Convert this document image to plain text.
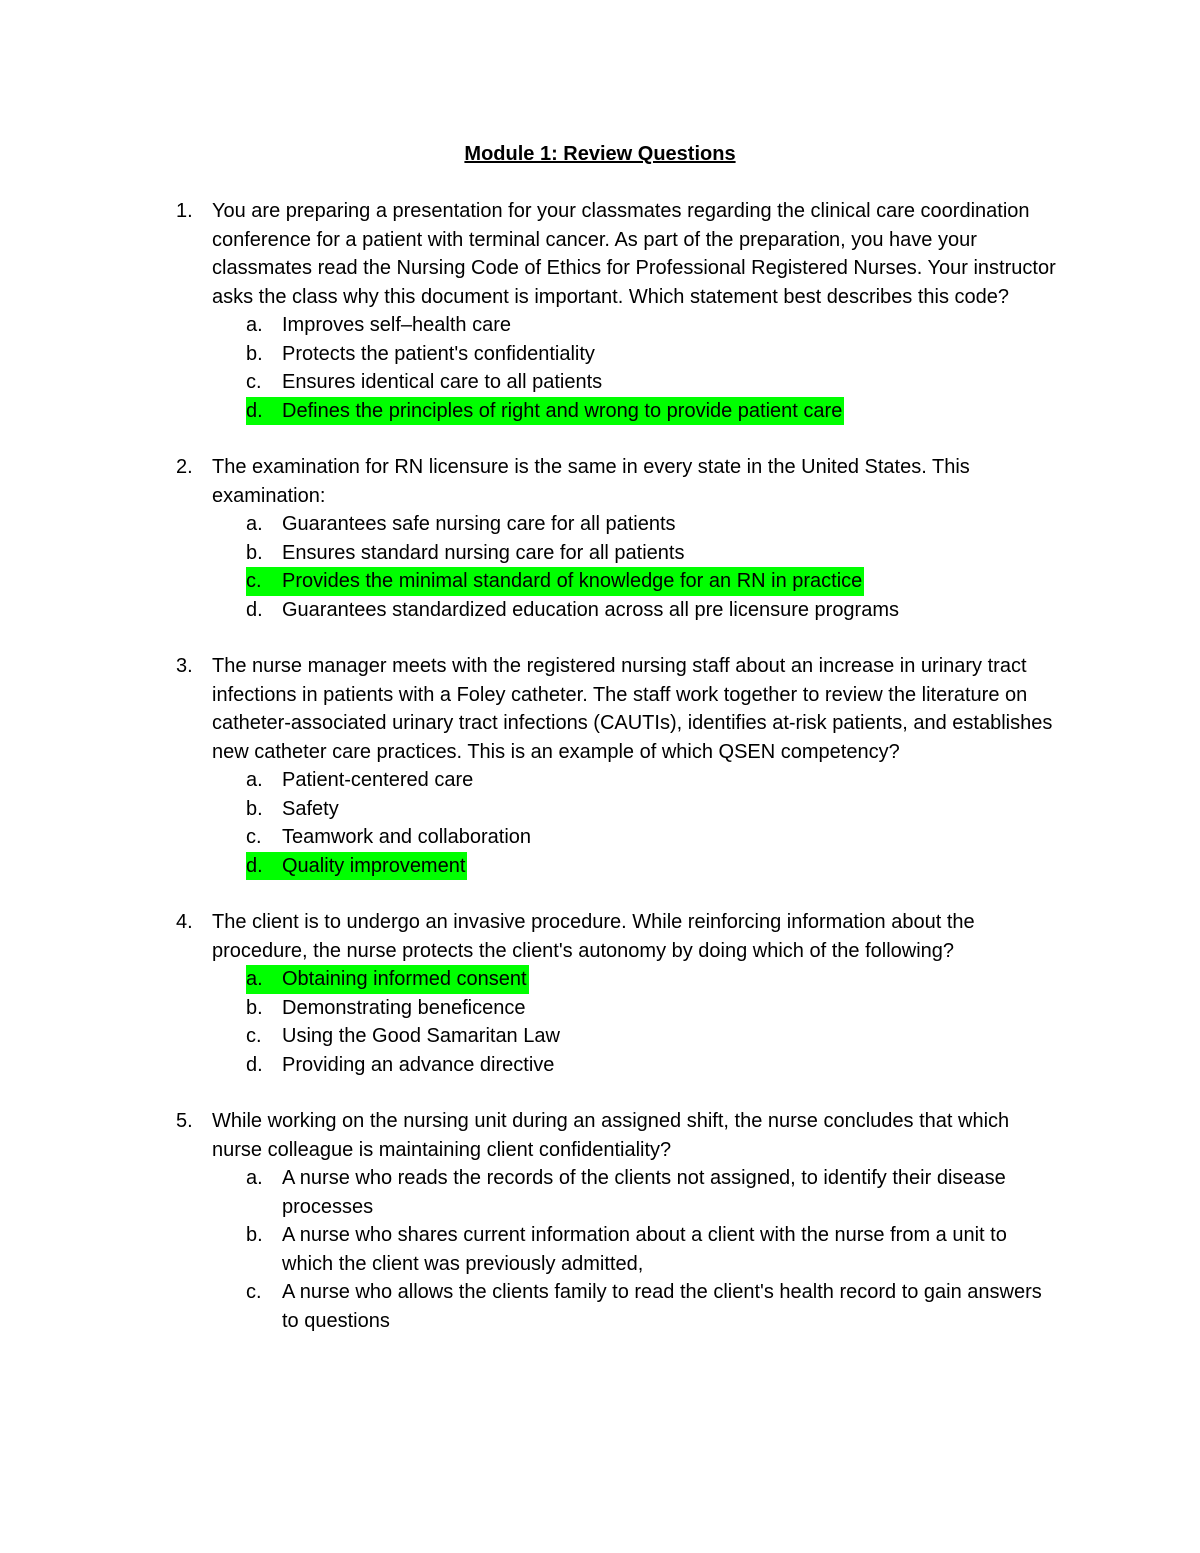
Module 1: Review Questions
1. You are preparing a presentation for your classmates regarding the clinical care coordination conference for a patient with terminal cancer. As part of the preparation, you have your classmates read the Nursing Code of Ethics for Professional Registered Nurses. Your instructor asks the class why this document is important. Which statement best describes this code?
a. Improves self–health care
b. Protects the patient's confidentiality
c.	Ensures identical care to all patients
d. Defines the principles of right and wrong to provide patient care
2. The examination for RN licensure is the same in every state in the United States. This examination:
a. Guarantees safe nursing care for all patients
b. Ensures standard nursing care for all patients
c. Provides the minimal standard of knowledge for an RN in practice
d. Guarantees standardized education across all pre licensure programs
3. The nurse manager meets with the registered nursing staff about an increase in urinary tract infections in patients with a Foley catheter. The staff work together to review the literature on catheter-associated urinary tract infections (CAUTIs), identifies at-risk patients, and establishes new catheter care practices. This is an example of which QSEN competency?
a. Patient-centered care
b. Safety
c.	Teamwork and collaboration
d. Quality improvement
4. The client is to undergo an invasive procedure. While reinforcing information about the procedure, the nurse protects the client's autonomy by doing which of the following?
a. Obtaining informed consent
b. Demonstrating beneficence
c.	Using the Good Samaritan Law
d. Providing an advance directive
5. While working on the nursing unit during an assigned shift, the nurse concludes that which nurse colleague is maintaining client confidentiality?
a. A nurse who reads the records of the clients not assigned, to identify their disease processes
b. A nurse who shares current information about a client with the nurse from a unit to which the client was previously admitted,
c.	A nurse who allows the clients family to read the client's health record to gain answers to questions
